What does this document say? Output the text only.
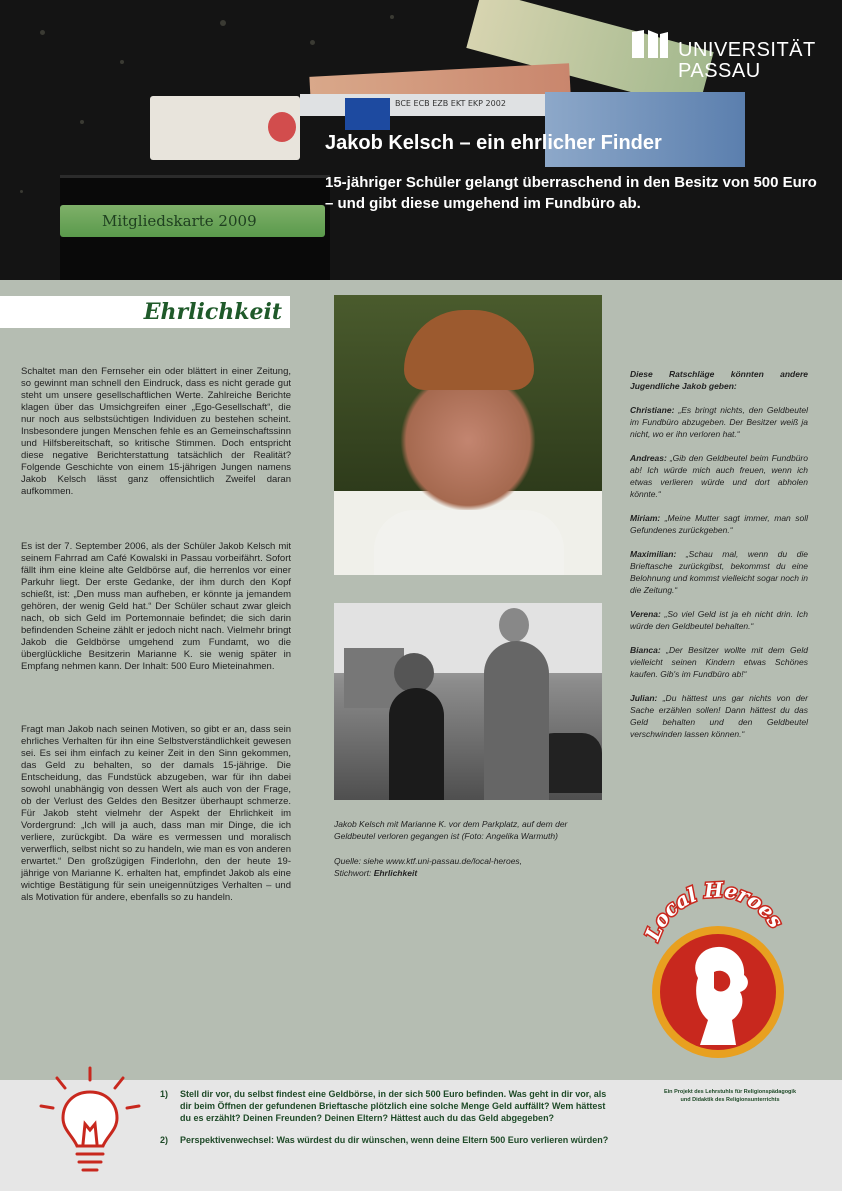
BCE ECB EZB EKT EKP 2002
Mitgliedskarte 2009
UNIVERSITÄT
PASSAU
Jakob Kelsch – ein ehrlicher Finder
15-jähriger Schüler gelangt überraschend in den Besitz von 500 Euro – und gibt diese umgehend im Fundbüro ab.
Ehrlichkeit
Schaltet man den Fernseher ein oder blättert in einer Zeitung, so gewinnt man schnell den Eindruck, dass es nicht gerade gut steht um unsere gesellschaftlichen Werte. Zahlreiche Berichte klagen über das Umsichgreifen einer „Ego-Gesellschaft“, die nur noch aus selbstsüchtigen Individuen zu bestehen scheint. Insbesondere jungen Menschen fehle es an Gemeinschaftssinn und Hilfsbereitschaft, so kritische Stimmen. Doch entspricht diese negative Berichterstattung tatsächlich der Realität? Folgende Geschichte von einem 15-jährigen Jungen namens Jakob Kelsch lässt ganz offensichtlich Zweifel daran aufkommen.
Es ist der 7. September 2006, als der Schüler Jakob Kelsch mit seinem Fahrrad am Café Kowalski in Passau vorbeifährt. Sofort fällt ihm eine kleine alte Geldbörse auf, die herrenlos vor einer Parkuhr liegt. Der erste Gedanke, der ihm durch den Kopf schießt, ist: „Den muss man aufheben, er könnte ja jemandem gehören, der wenig Geld hat.“ Der Schüler schaut zwar gleich nach, ob sich Geld im Portemonnaie befindet; die sich darin befindenden Scheine zählt er jedoch nicht nach. Vielmehr bringt Jakob die Geldbörse umgehend zum Fundamt, wo die überglückliche Besitzerin Marianne K. sie wenig später in Empfang nehmen kann. Der Inhalt: 500 Euro Mieteinahmen.
Fragt man Jakob nach seinen Motiven, so gibt er an, dass sein ehrliches Verhalten für ihn eine Selbstverständlichkeit gewesen sei. Es sei ihm einfach zu keiner Zeit in den Sinn gekommen, das Geld zu behalten, so der damals 15-jährige. Die Entscheidung, das Fundstück abzugeben, war für ihn dabei sowohl unabhängig von dessen Wert als auch von der Frage, ob der Verlust des Geldes den Besitzer überhaupt schmerze. Für Jakob steht vielmehr der Aspekt der Ehrlichkeit im Vordergrund: „Ich will ja auch, dass man mir Dinge, die ich verliere, zurückgibt. Da wäre es vermessen und moralisch verwerflich, selbst nicht so zu handeln, wie man es von anderen erwartet.“ Den großzügigen Finderlohn, den der heute 19-jährige von Marianne K. erhalten hat, empfindet Jakob als eine wichtige Bestätigung für sein uneigennütziges Verhalten – und als Motivation für andere, ebenfalls so zu handeln.
Jakob Kelsch mit Marianne K. vor dem Parkplatz, auf dem der Geldbeutel verloren gegangen ist (Foto: Angelika Warmuth)
Quelle: siehe www.ktf.uni-passau.de/local-heroes,
Stichwort: Ehrlichkeit
Diese Ratschläge könnten andere Jugendliche Jakob geben:
Christiane: „Es bringt nichts, den Geldbeutel im Fundbüro abzugeben. Der Besitzer weiß ja nicht, wo er ihn verloren hat.“
Andreas: „Gib den Geldbeutel beim Fundbüro ab! Ich würde mich auch freuen, wenn ich etwas verlieren würde und dort abholen könnte.“
Miriam: „Meine Mutter sagt immer, man soll Gefundenes zurückgeben.“
Maximilian: „Schau mal, wenn du die Brieftasche zurückgibst, bekommst du eine Belohnung und kommst vielleicht sogar noch in die Zeitung.“
Verena: „So viel Geld ist ja eh nicht drin. Ich würde den Geldbeutel behalten.“
Bianca: „Der Besitzer wollte mit dem Geld vielleicht seinen Kindern etwas Schönes kaufen. Gib's im Fundbüro ab!“
Julian: „Du hättest uns gar nichts von der Sache erzählen sollen! Dann hättest du das Geld behalten und den Geldbeutel verschwinden lassen können.“
Local Heroes
1)	Stell dir vor, du selbst findest eine Geldbörse, in der sich 500 Euro befinden. Was geht in dir vor, als dir beim Öffnen der gefundenen Brieftasche plötzlich eine solche Menge Geld auffällt? Wem hättest du es erzählt? Deinen Freunden? Deinen Eltern? Hättest auch du das Geld abgegeben?
2)	Perspektivenwechsel: Was würdest du dir wünschen, wenn deine Eltern 500 Euro verlieren würden?
Ein Projekt des Lehrstuhls für Religionspädagogik
und Didaktik des Religionsunterrichts
